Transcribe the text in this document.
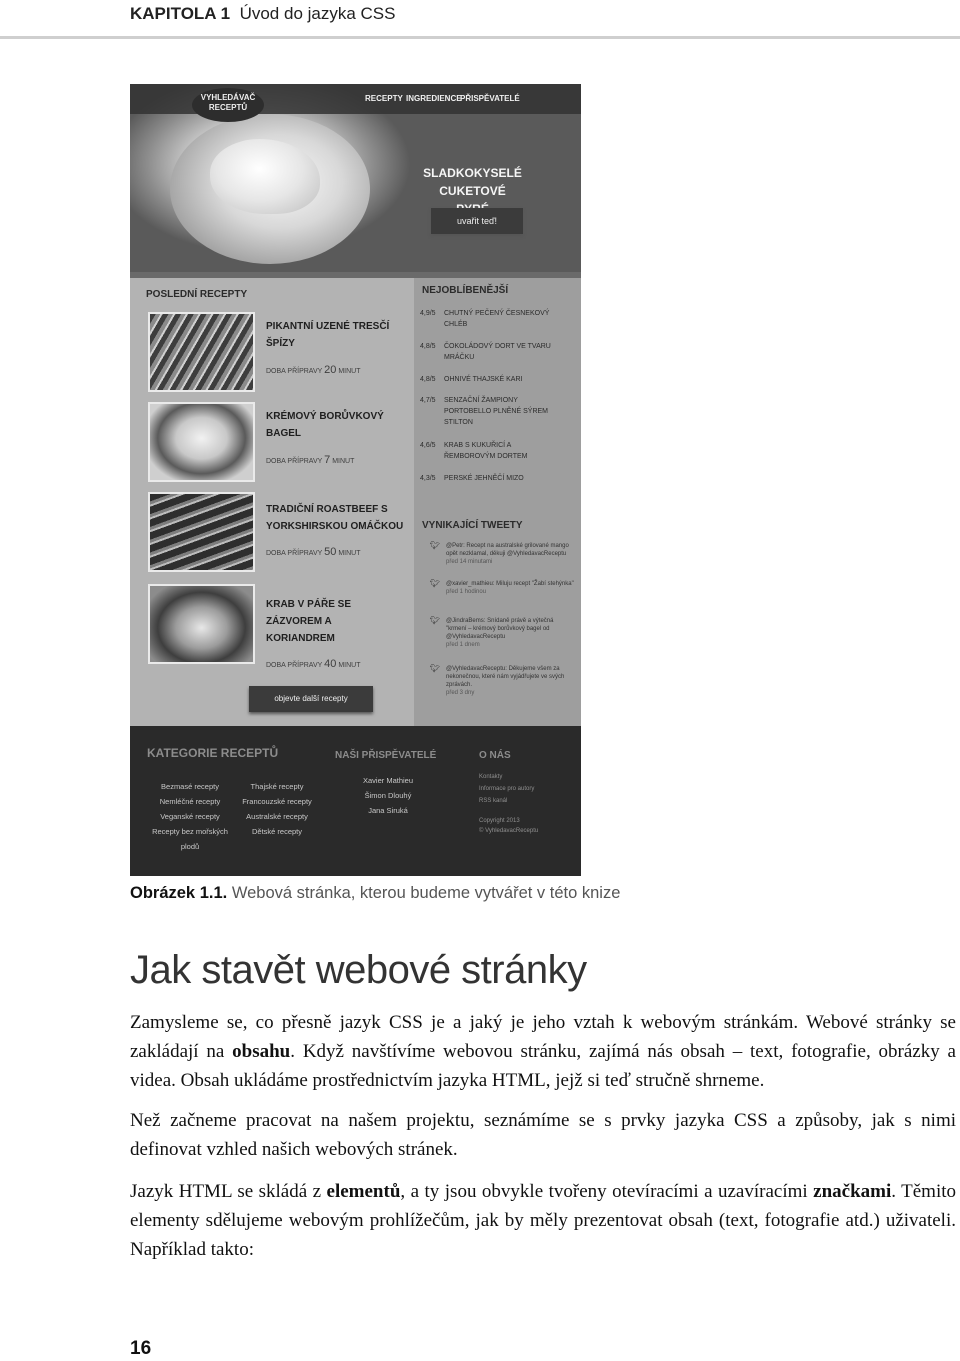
KAPITOLA 1 Úvod do jazyka CSS
VYHLEDÁVAČ
RECEPTŮ
RECEPTY INGREDIENCE
PŘISPĚVATELÉ
SLADKOKYSELÉ CUKETOVÉ
uvařit teď!
POSLEDNÍ RECEPTY
PIKANTNÍ UZENÉ TRESČÍ
ŠPÍZY
DOBA PŘÍPRAVY 20 MINUT
KRÉMOVÝ BORŮVKOVÝ
BAGEL
DOBA PŘÍPRAVY 7 MINUT
TRADIČNÍ ROASTBEEF S
YORKSHIRSKOU OMÁČKOU
DOBA PŘÍPRAVY 50 MINUT
KRAB V PÁŘE SE
ZÁZVOREM A
KORIANDREM
DOBA PŘÍPRAVY 40 MINUT
objevte další recepty
NEJOBLÍBENĚJŠÍ
4,9/5	CHUTNÝ PEČENÝ ČESNEKOVÝ
CHLÉB
4,8/5	ČOKOLÁDOVÝ DORT VE TVARU
MRÁČKU
4,8/5	OHNIVÉ THAJSKÉ KARI
4,7/5	SENZAČNÍ ŽAMPIONY
PORTOBELLO PLNĚNÉ SÝREM
STILTON
4,6/5	KRAB S KUKUŘICÍ A
ŘEMBOROVÝM DORTEM
4,3/5	PERSKÉ JEHNĚČÍ MIZO
VYNIKAJÍCÍ TWEETY
🐦︎ @Petr: Recept na australské grilované mango opět nezklamal, děkuji @VyhledavacReceptu
před 14 minutami
🐦︎ @xavier_mathieu: Miluju recept "Žabí stehýnka"
před 1 hodinou
🐦︎ @JindraBems: Snídaně právě a výtečná "krmení – krémový borůvkový bagel od @VyhledavacReceptu
před 1 dnem
🐦︎ @VyhledavacReceptu: Děkujeme všem za nekonečnou, které nám vyjádřujete ve svých zprávách.
před 3 dny
KATEGORIE RECEPTŮ
Bezmasé recepty
Nemléčné recepty
Veganské recepty
Recepty bez mořských
plodů
Thajské recepty
Francouzské recepty
Australské recepty
Dětské recepty
NAŠI PŘISPĚVATELÉ
Xavier Mathieu
Šimon Dlouhý
Jana Siruká
O NÁS
Kontakty
Informace pro autory
RSS kanál
Copyright 2013
© VyhledavacReceptu
Obrázek 1.1. Webová stránka, kterou budeme vytvářet v této knize
Jak stavět webové stránky

Zamysleme se, co přesně jazyk CSS je a jaký je jeho vztah k webovým stránkám. Webové stránky se zakládají na obsahu. Když navštívíme webovou stránku, zajímá nás obsah – text, fotografie, obrázky a videa. Obsah ukládáme prostřednictvím jazyka HTML, jejž si teď stručně shrneme.

Než začneme pracovat na našem projektu, seznámíme se s prvky jazyka CSS a způsoby, jak s nimi definovat vzhled našich webových stránek.

Jazyk HTML se skládá z elementů, a ty jsou obvykle tvořeny otevíracími a uzavíracími značkami. Těmito elementy sdělujeme webovým prohlížečům, jak by měly prezentovat obsah (text, fotografie atd.) uživateli. Například takto:

16
